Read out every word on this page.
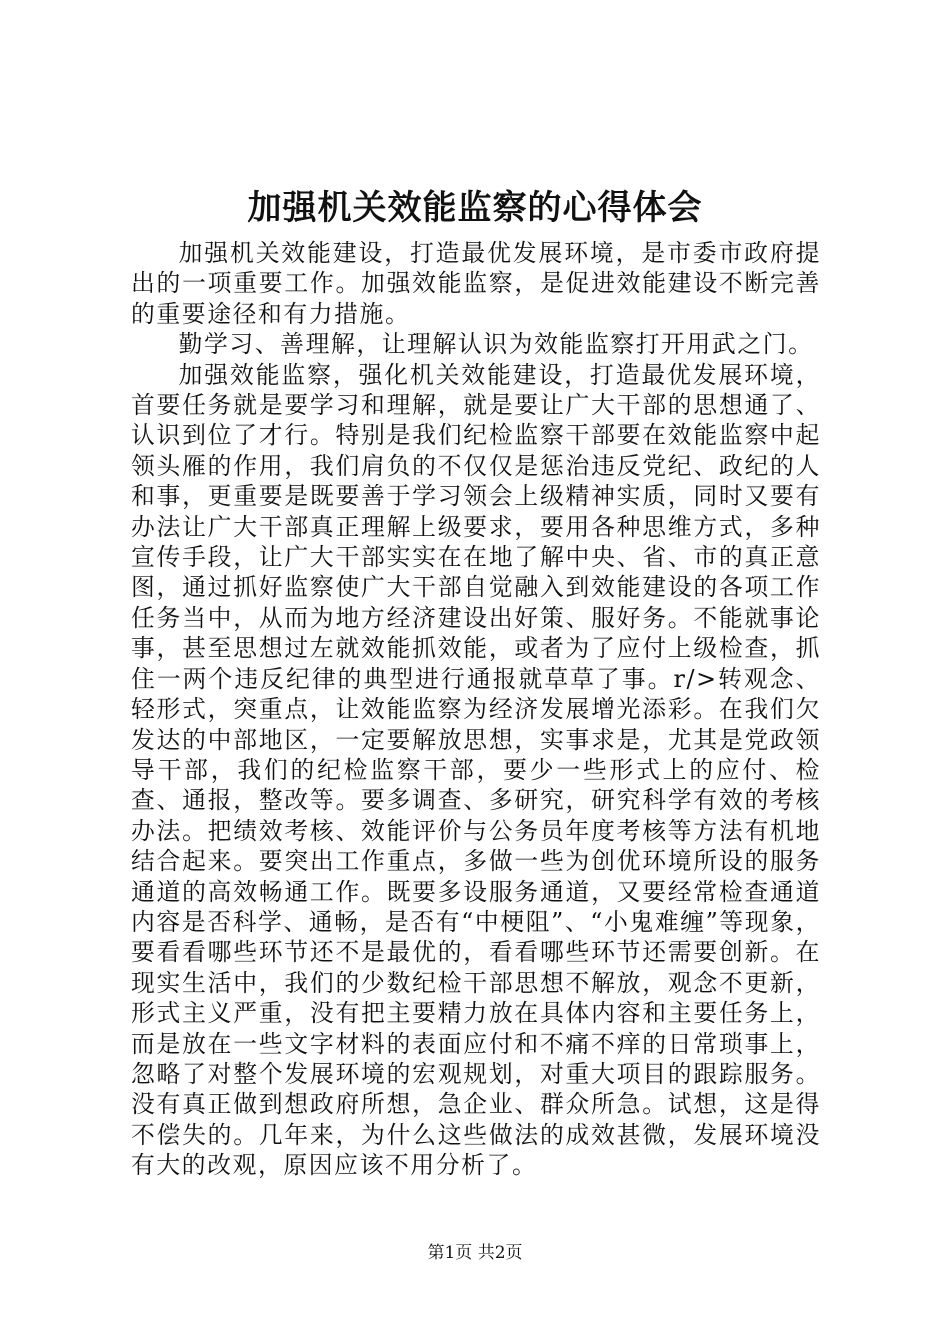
加强机关效能监察的心得体会

加强机关效能建设，打造最优发展环境，是市委市政府提出的一项重要工作。加强效能监察，是促进效能建设不断完善的重要途径和有力措施。

勤学习、善理解，让理解认识为效能监察打开用武之门。

加强效能监察，强化机关效能建设，打造最优发展环境，首要任务就是要学习和理解，就是要让广大干部的思想通了、认识到位了才行。特别是我们纪检监察干部要在效能监察中起领头雁的作用，我们肩负的不仅仅是惩治违反党纪、政纪的人和事，更重要是既要善于学习领会上级精神实质，同时又要有办法让广大干部真正理解上级要求，要用各种思维方式，多种宣传手段，让广大干部实实在在地了解中央、省、市的真正意图，通过抓好监察使广大干部自觉融入到效能建设的各项工作任务当中，从而为地方经济建设出好策、服好务。不能就事论事，甚至思想过左就效能抓效能，或者为了应付上级检查，抓住一两个违反纪律的典型进行通报就草草了事。r/>转观念、轻形式，突重点，让效能监察为经济发展增光添彩。在我们欠发达的中部地区，一定要解放思想，实事求是，尤其是党政领导干部，我们的纪检监察干部，要少一些形式上的应付、检查、通报，整改等。要多调查、多研究，研究科学有效的考核办法。把绩效考核、效能评价与公务员年度考核等方法有机地结合起来。要突出工作重点，多做一些为创优环境所设的服务通道的高效畅通工作。既要多设服务通道，又要经常检查通道内容是否科学、通畅，是否有“中梗阻”、“小鬼难缠”等现象，要看看哪些环节还不是最优的，看看哪些环节还需要创新。在现实生活中，我们的少数纪检干部思想不解放，观念不更新，形式主义严重，没有把主要精力放在具体内容和主要任务上，而是放在一些文字材料的表面应付和不痛不痒的日常琐事上，忽略了对整个发展环境的宏观规划，对重大项目的跟踪服务。没有真正做到想政府所想，急企业、群众所急。试想，这是得不偿失的。几年来，为什么这些做法的成效甚微，发展环境没有大的改观，原因应该不用分析了。

第1页 共2页
